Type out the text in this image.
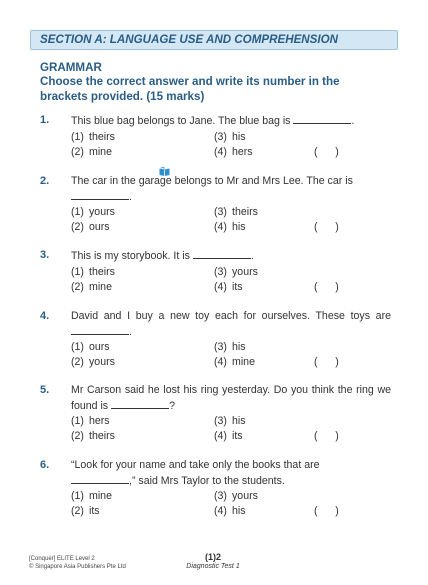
SECTION A: LANGUAGE USE AND COMPREHENSION
GRAMMAR
Choose the correct answer and write its number in the brackets provided. (15 marks)
1. This blue bag belongs to Jane. The blue bag is	.
(1) theirs
(2) mine
(3) his
(4) hers	(      )
2. The car in the garage belongs to Mr and Mrs Lee. The car is
.
(1) yours
(2) ours
(3) theirs
(4) his	(      )
3. This is my storybook. It is	.
(1) theirs
(2) mine
(3) yours
(4) its	(      )
4. David and I buy a new toy each for ourselves. These toys are .
(1) ours
(2) yours
(3) his
(4) mine	(      )
5. Mr Carson said he lost his ring yesterday. Do you think the ring we found is	?
(1) hers
(2) theirs
(3) his
(4) its	(      )
6. “Look for your name and take only the books that are
,” said Mrs Taylor to the students.
(1) mine
(2) its
(3) yours
(4) his	(      )
[Conquer] ELITE Level 2
© Singapore Asia Publishers Pte Ltd
(1)2
Diagnostic Test 1
